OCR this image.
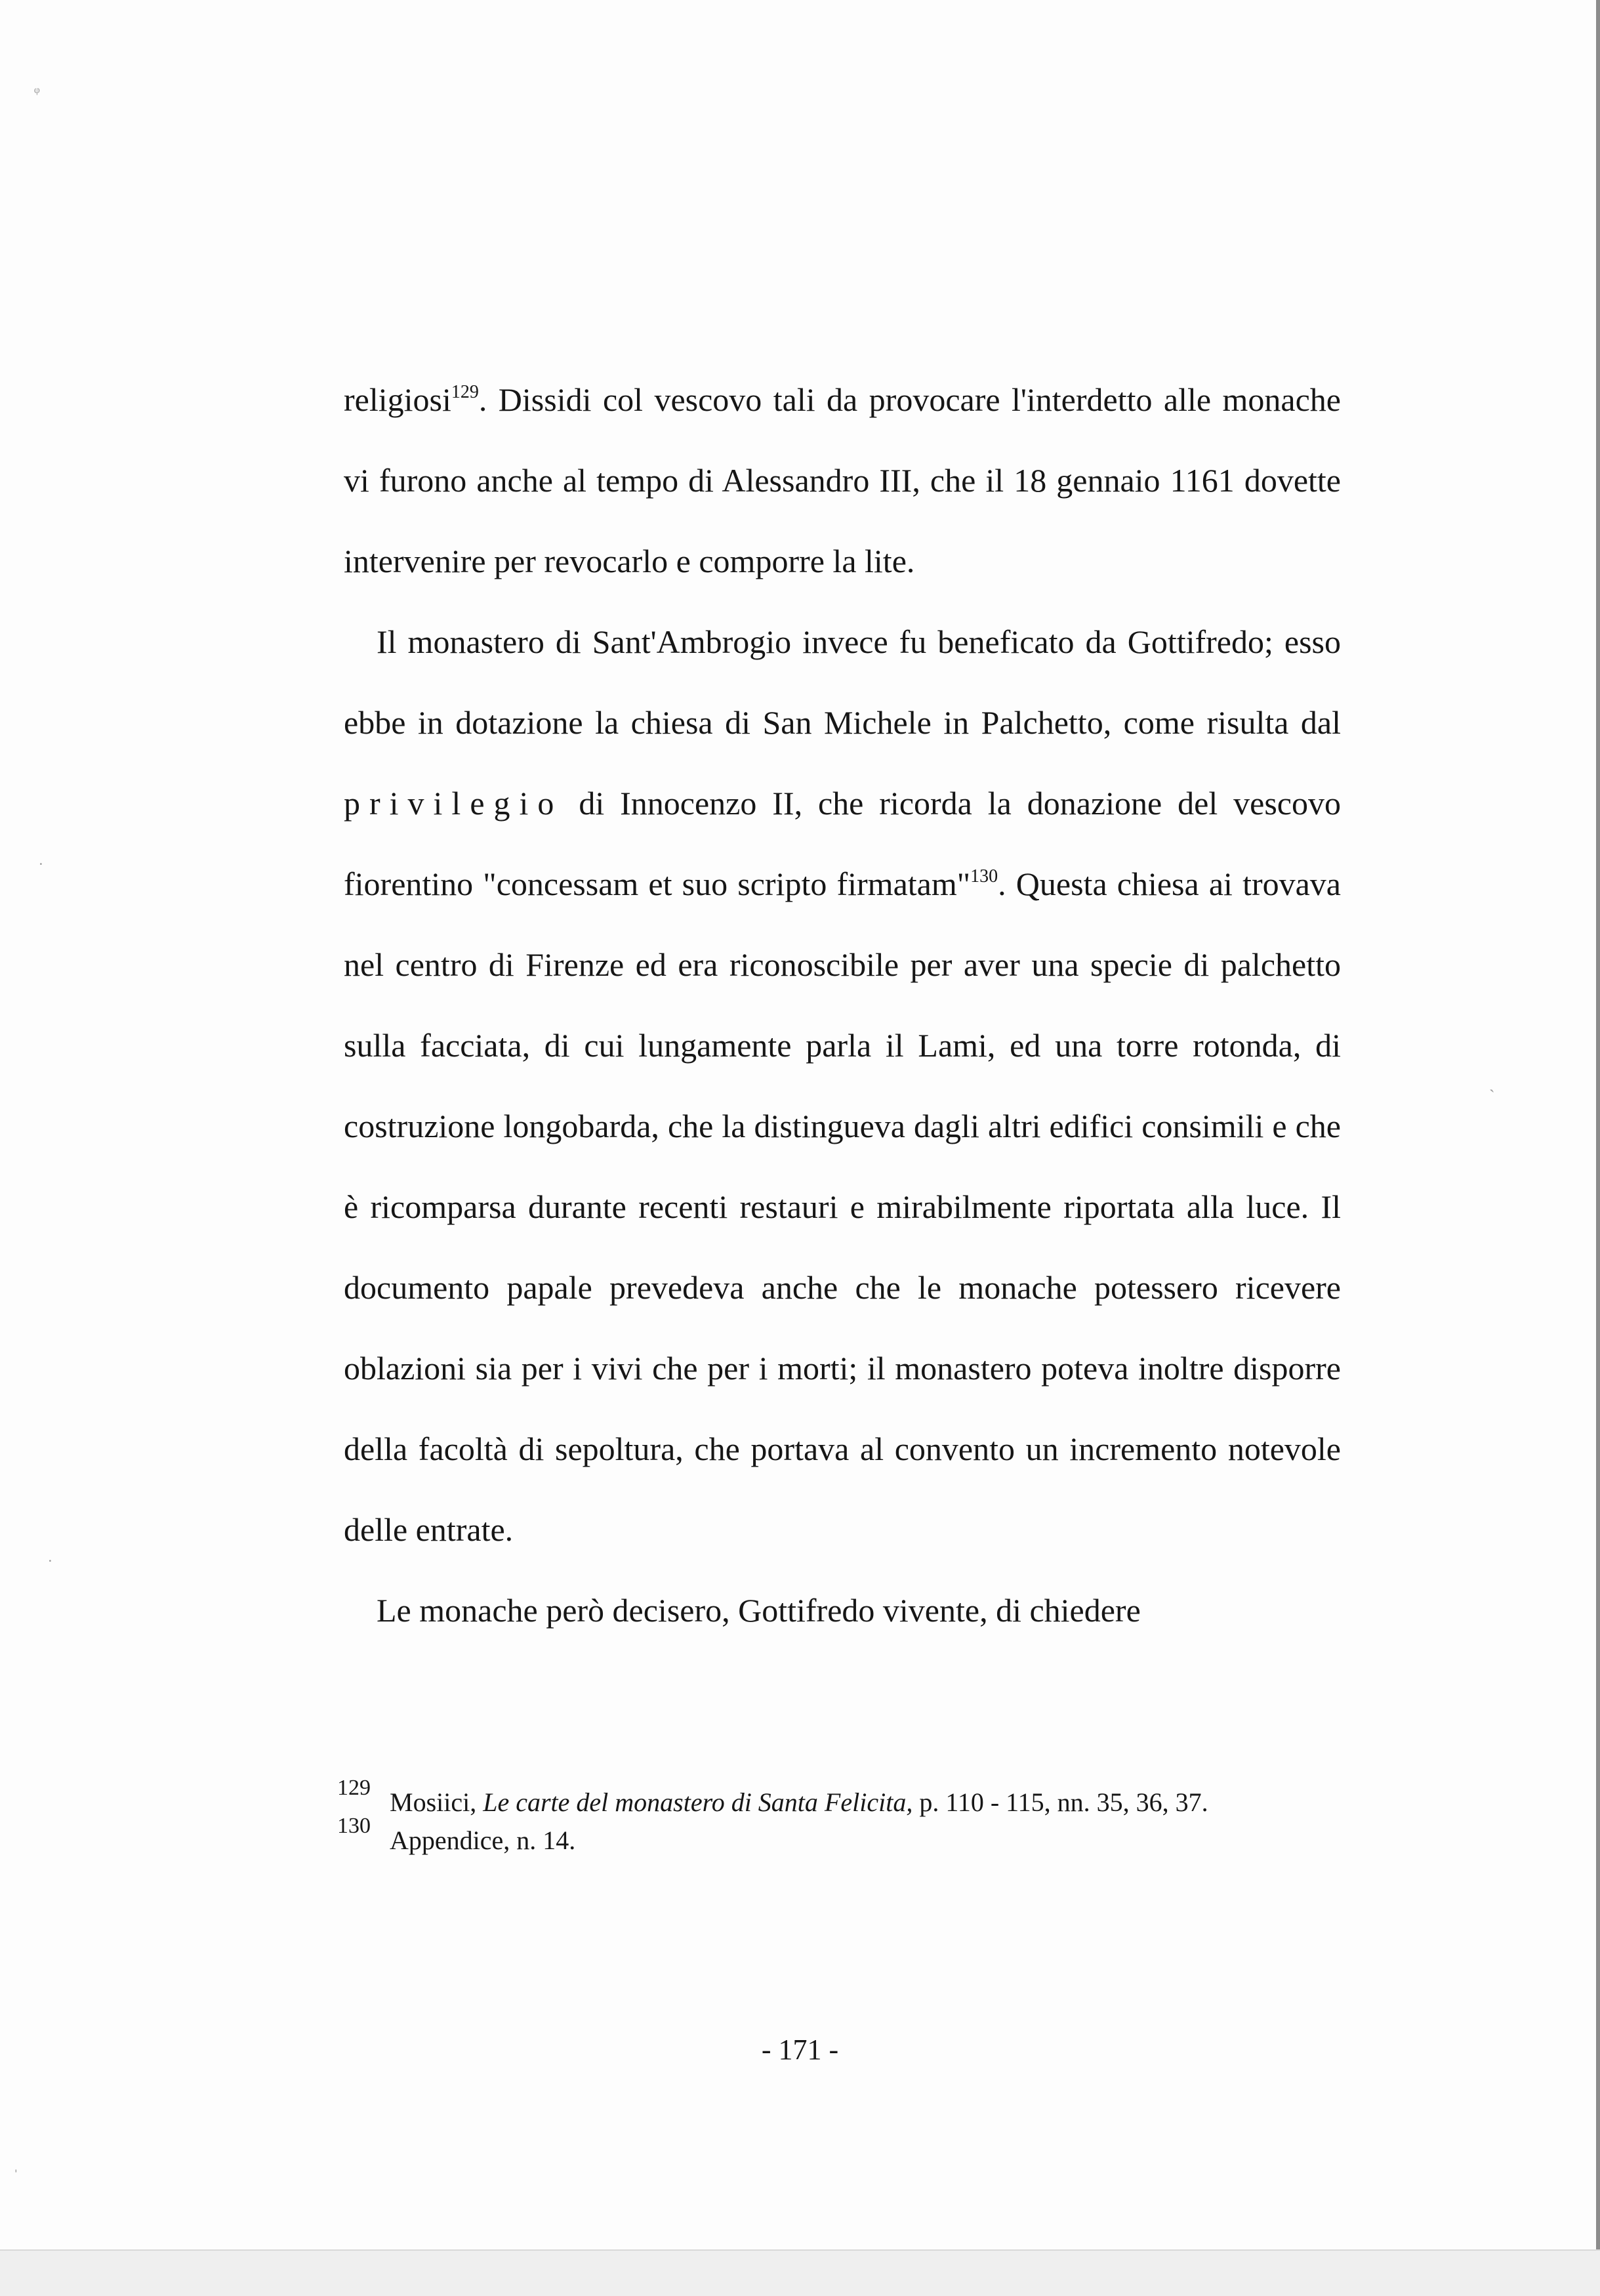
ᵠ
˙
˙
ˏ
ˌ

religiosi$^{129}$. Dissidi col vescovo tali da provocare l'interdetto alle monache vi furono anche al tempo di Alessandro III, che il 18 gennaio 1161 dovette intervenire per revocarlo e comporre la lite.

Il monastero di Sant'Ambrogio invece fu beneficato da Gottifredo; esso ebbe in dotazione la chiesa di San Michele in Palchetto, come risulta dal privilegio di Innocenzo II, che ricorda la donazione del vescovo fiorentino "concessam et suo scripto firmatam"$^{130}$. Questa chiesa ai trovava nel centro di Firenze ed era riconoscibile per aver una specie di palchetto sulla facciata, di cui lungamente parla il Lami, ed una torre rotonda, di costruzione longobarda, che la distingueva dagli altri edifici consimili e che è ricomparsa durante recenti restauri e mirabilmente riportata alla luce. Il documento papale prevedeva anche che le monache potessero ricevere oblazioni sia per i vivi che per i morti; il monastero poteva inoltre disporre della facoltà di sepoltura, che portava al convento un incremento notevole delle entrate.

Le monache però decisero, Gottifredo vivente, di chiedere

129 Mosiici, Le carte del monastero di Santa Felicita, p. 110 - 115, nn. 35, 36, 37.
130 Appendice, n. 14.
- 171 -
